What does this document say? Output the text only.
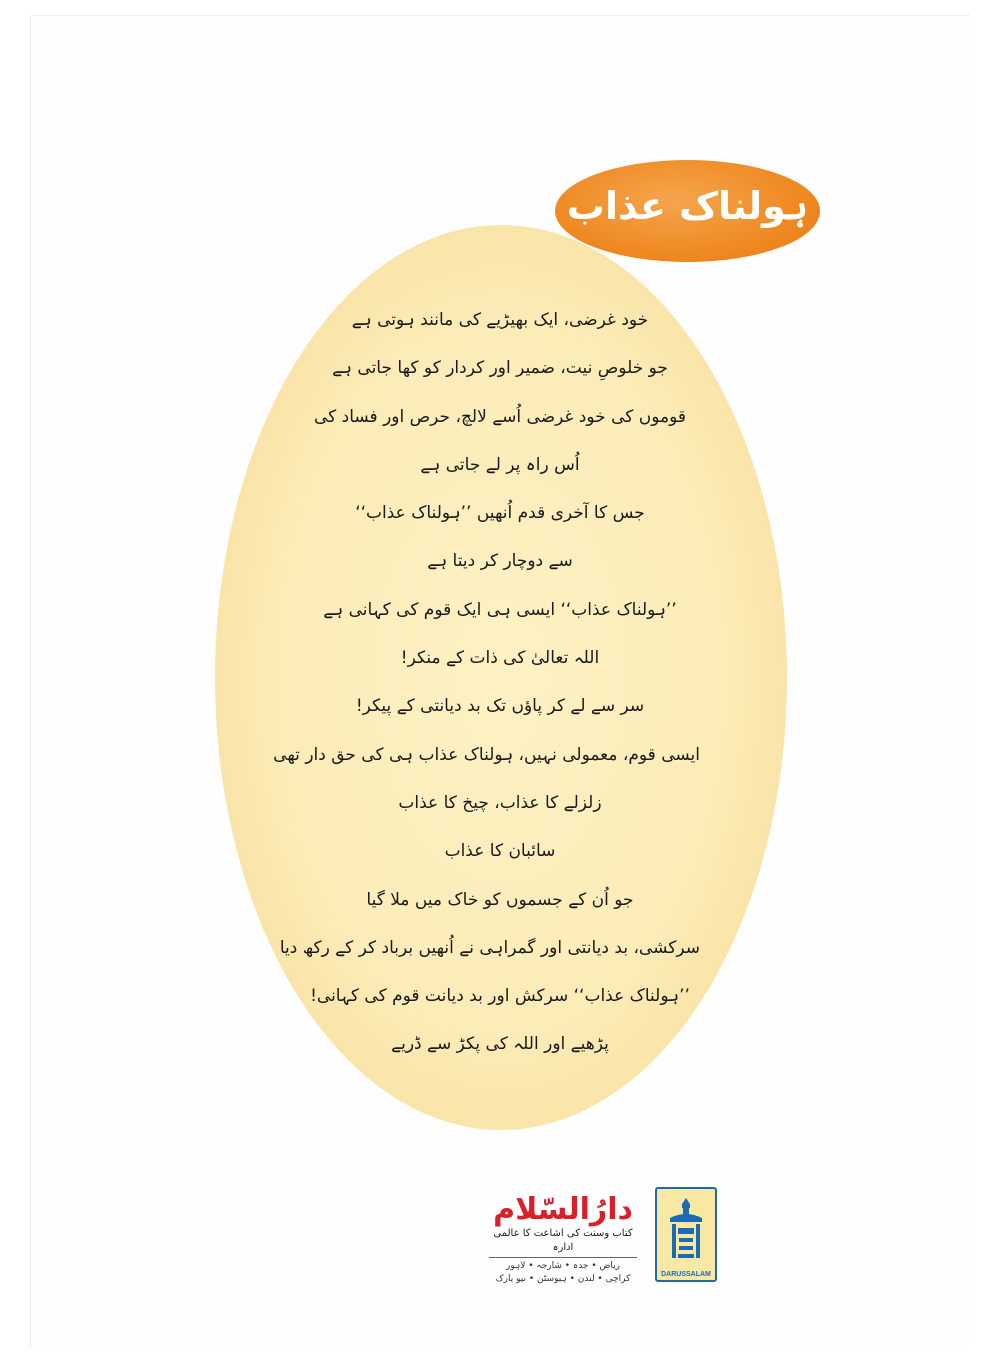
ہولناک عذاب
خود غرضی، ایک بھیڑیے کی مانند ہوتی ہے
جو خلوصِ نیت، ضمیر اور کردار کو کھا جاتی ہے
قوموں کی خود غرضی اُسے لالچ، حرص اور فساد کی
اُس راہ پر لے جاتی ہے
جس کا آخری قدم اُنھیں ’’ہولناک عذاب‘‘
سے دوچار کر دیتا ہے
’’ہولناک عذاب‘‘ ایسی ہی ایک قوم کی کہانی ہے
اللہ تعالیٰ کی ذات کے منکر!
سر سے لے کر پاؤں تک بد دیانتی کے پیکر!
ایسی قوم، معمولی نہیں، ہولناک عذاب ہی کی حق دار تھی
زلزلے کا عذاب، چیخ کا عذاب
سائبان کا عذاب
جو اُن کے جسموں کو خاک میں ملا گیا
سرکشی، بد دیانتی اور گمراہی نے اُنھیں برباد کر کے رکھ دیا
’’ہولناک عذاب‘‘ سرکش اور بد دیانت قوم کی کہانی!
پڑھیے اور اللہ کی پکڑ سے ڈریے
دارُالسّلام
کتاب وسنت کی اشاعت کا عالمی ادارہ
ریاض • جدہ • شارجہ • لاہور
کراچی • لندن • ہیوسٹن • نیو یارک	DARUSSALAM
